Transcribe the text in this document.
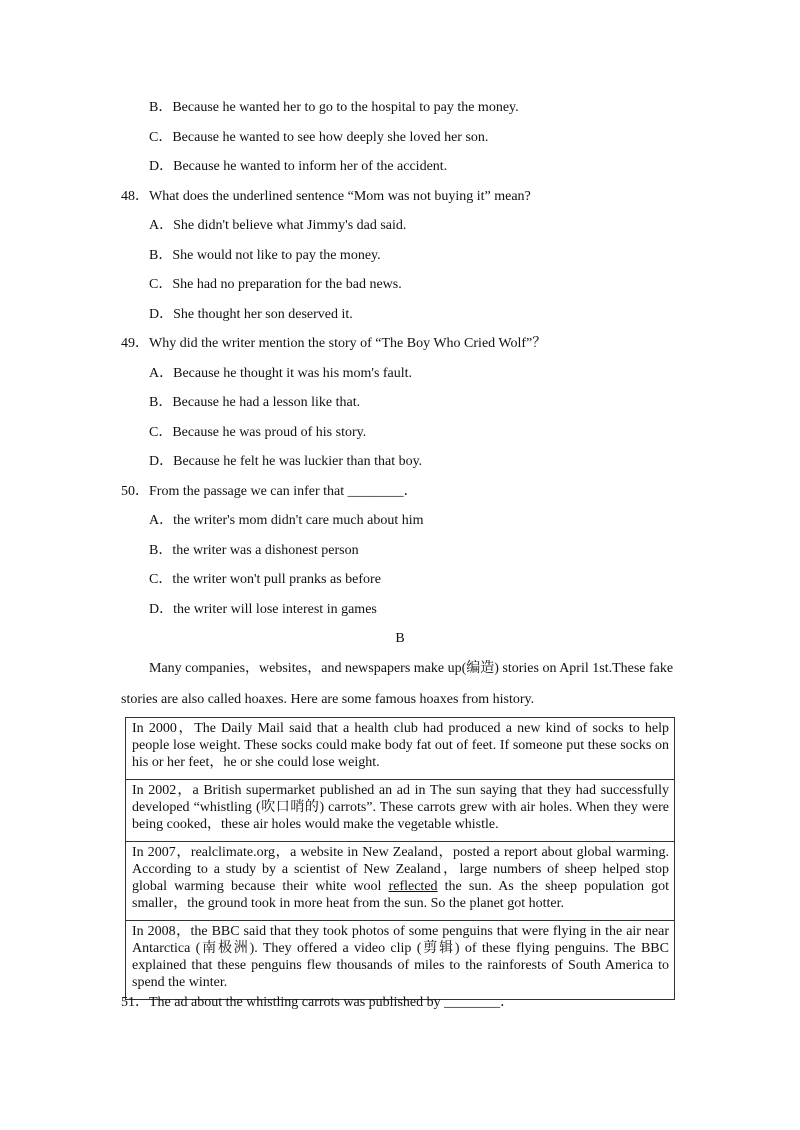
B．Because he wanted her to go to the hospital to pay the money.
C．Because he wanted to see how deeply she loved her son.
D．Because he wanted to inform her of the accident.
48．What does the underlined sentence “Mom was not buying it” mean?
A．She didn't believe what Jimmy's dad said.
B．She would not like to pay the money.
C．She had no preparation for the bad news.
D．She thought her son deserved it.
49．Why did the writer mention the story of “The Boy Who Cried Wolf”？
A．Because he thought it was his mom's fault.
B．Because he had a lesson like that.
C．Because he was proud of his story.
D．Because he felt he was luckier than that boy.
50．From the passage we can infer that ________．
A．the writer's mom didn't care much about him
B．the writer was a dishonest person
C．the writer won't pull pranks as before
D．the writer will lose interest in games
B
Many companies，websites，and newspapers make up(编造) stories on April 1st.These fake
stories are also called hoaxes. Here are some famous hoaxes from history.
In 2000，The Daily Mail said that a health club had produced a new kind of socks to help people lose weight. These socks could make body fat out of feet. If someone put these socks on his or her feet，he or she could lose weight.
In 2002，a British supermarket published an ad in The sun saying that they had successfully developed “whistling (吹口哨的) carrots”. These carrots grew with air holes. When they were being cooked，these air holes would make the vegetable whistle.
In 2007，realclimate.org，a website in New Zealand，posted a report about global warming. According to a study by a scientist of New Zealand，large numbers of sheep helped stop global warming because their white wool reflected the sun. As the sheep population got smaller，the ground took in more heat from the sun. So the planet got hotter.
In 2008，the BBC said that they took photos of some penguins that were flying in the air near Antarctica (南极洲). They offered a video clip (剪辑) of these flying penguins. The BBC explained that these penguins flew thousands of miles to the rainforests of South America to spend the winter.
51．The ad about the whistling carrots was published by ________．
